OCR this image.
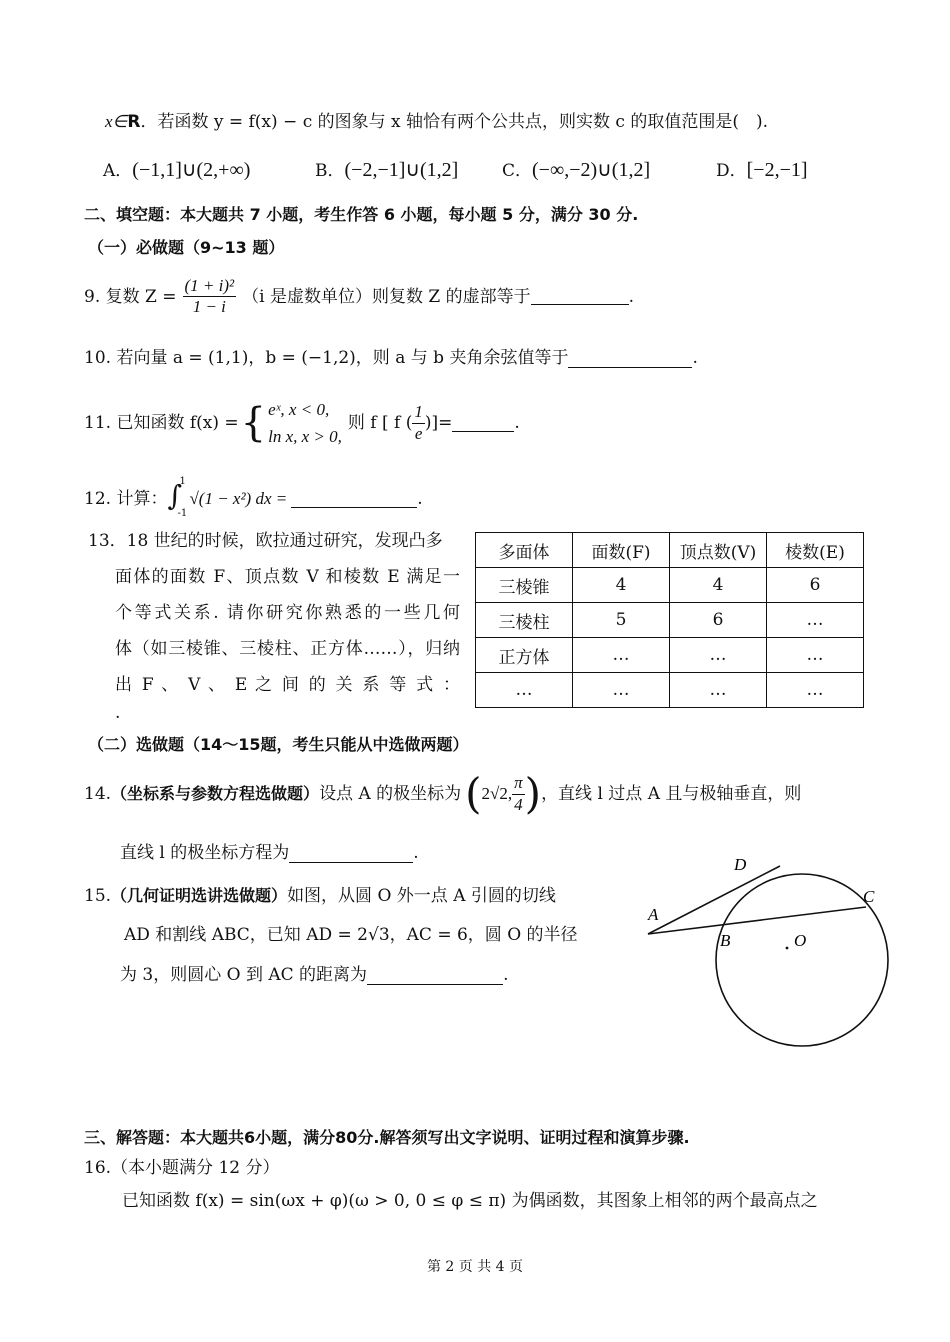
x∈R．若函数 y = f(x) − c 的图象与 x 轴恰有两个公共点，则实数 c 的取值范围是(　).
A．(−1,1]∪(2,+∞)	B．(−2,−1]∪(1,2]	C．(−∞,−2)∪(1,2]	D．[−2,−1]
二、填空题：本大题共 7 小题，考生作答 6 小题，每小题 5 分，满分 30 分.
（一）必做题（9~13 题）
9. 复数 $Z = \frac{\text{(1 + i)²}}{1 - i} (i$ 是虚数单位）则复数 Z 的虚部等于	.
10. 若向量 a = (1,1)，b = (−1,2)，则 a 与 b 夹角余弦值等于	.
11. 已知函数 f(x) = { eˣ, x < 0,
ln x, x > 0,
则 f [ f ( $\frac{1}{e}$ )]=	.
12. 计算： ∫
1
-1
√(1 − x²) dx =	.
13．18 世纪的时候，欧拉通过研究，发现凸多
面体的面数 F、顶点数 V 和棱数 E 满足一
个等式关系. 请你研究你熟悉的一些几何
体（如三棱锥、三棱柱、正方体……），归纳
出 F 、 V 、 E 之 间 的 关 系 等 式 ：
.
多面体	面数(F)	顶点数(V)	棱数(E)
三棱锥	4	4	6
三棱柱	5	6	…
正方体	…	…	…
…	…	…	…
（二）选做题（14～15题，考生只能从中选做两题）
14. （坐标系与参数方程选做题） 设点 A 的极坐标为 ( 2√2, $\frac{\pi}{4}$ ) ，直线 l 过点 A 且与极轴垂直，则
直线 l 的极坐标方程为	.
15.（几何证明选讲选做题）如图，从圆 O 外一点 A 引圆的切线
AD 和割线 ABC，已知 AD = 2√3，AC = 6，圆 O 的半径
为 3，则圆心 O 到 AC 的距离为	.
A
B
C
D
O
三、解答题：本大题共6小题，满分80分.解答须写出文字说明、证明过程和演算步骤.
16.（本小题满分 12 分）
已知函数 f(x) = sin(ωx + φ)(ω > 0, 0 ≤ φ ≤ π) 为偶函数，其图象上相邻的两个最高点之
第 2 页 共 4 页
